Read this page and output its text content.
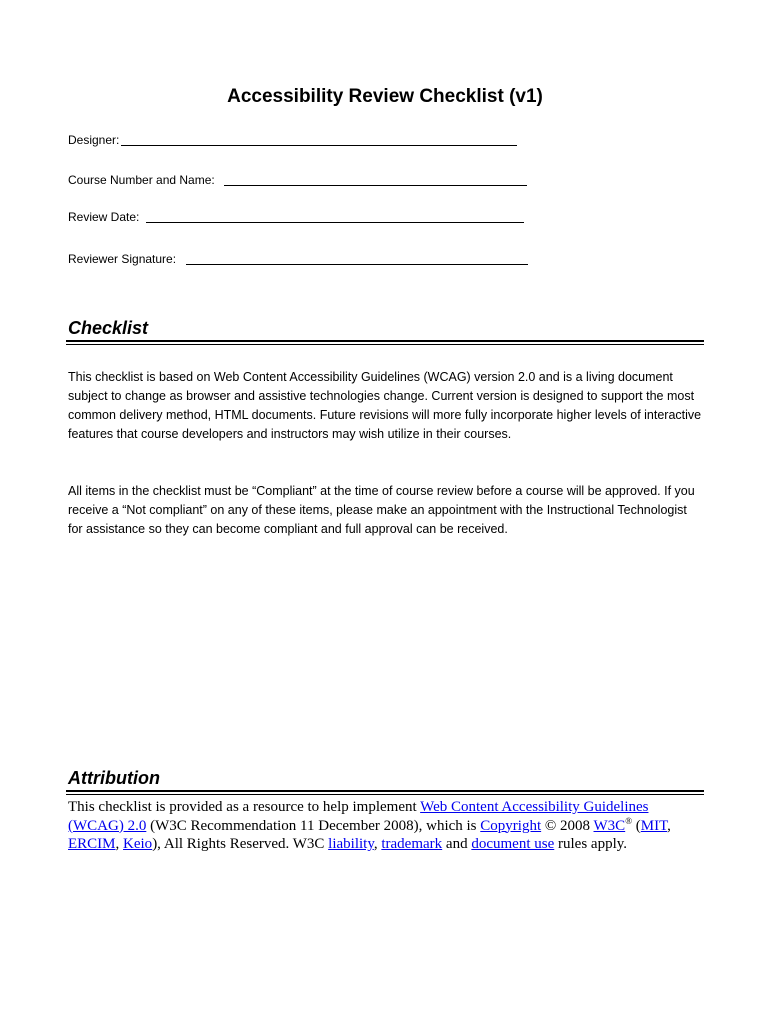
Accessibility Review Checklist (v1)
Designer:
Course Number and Name:
Review Date:
Reviewer Signature:
Checklist

This checklist is based on Web Content Accessibility Guidelines (WCAG) version 2.0 and is a living document subject to change as browser and assistive technologies change. Current version is designed to support the most common delivery method, HTML documents. Future revisions will more fully incorporate higher levels of interactive features that course developers and instructors may wish utilize in their courses.

All items in the checklist must be “Compliant” at the time of course review before a course will be approved. If you receive a “Not compliant” on any of these items, please make an appointment with the Instructional Technologist for assistance so they can become compliant and full approval can be received.

Attribution

This checklist is provided as a resource to help implement Web Content Accessibility Guidelines (WCAG) 2.0 (W3C Recommendation 11 December 2008), which is Copyright © 2008 W3C® (MIT, ERCIM, Keio), All Rights Reserved. W3C liability, trademark and document use rules apply.
